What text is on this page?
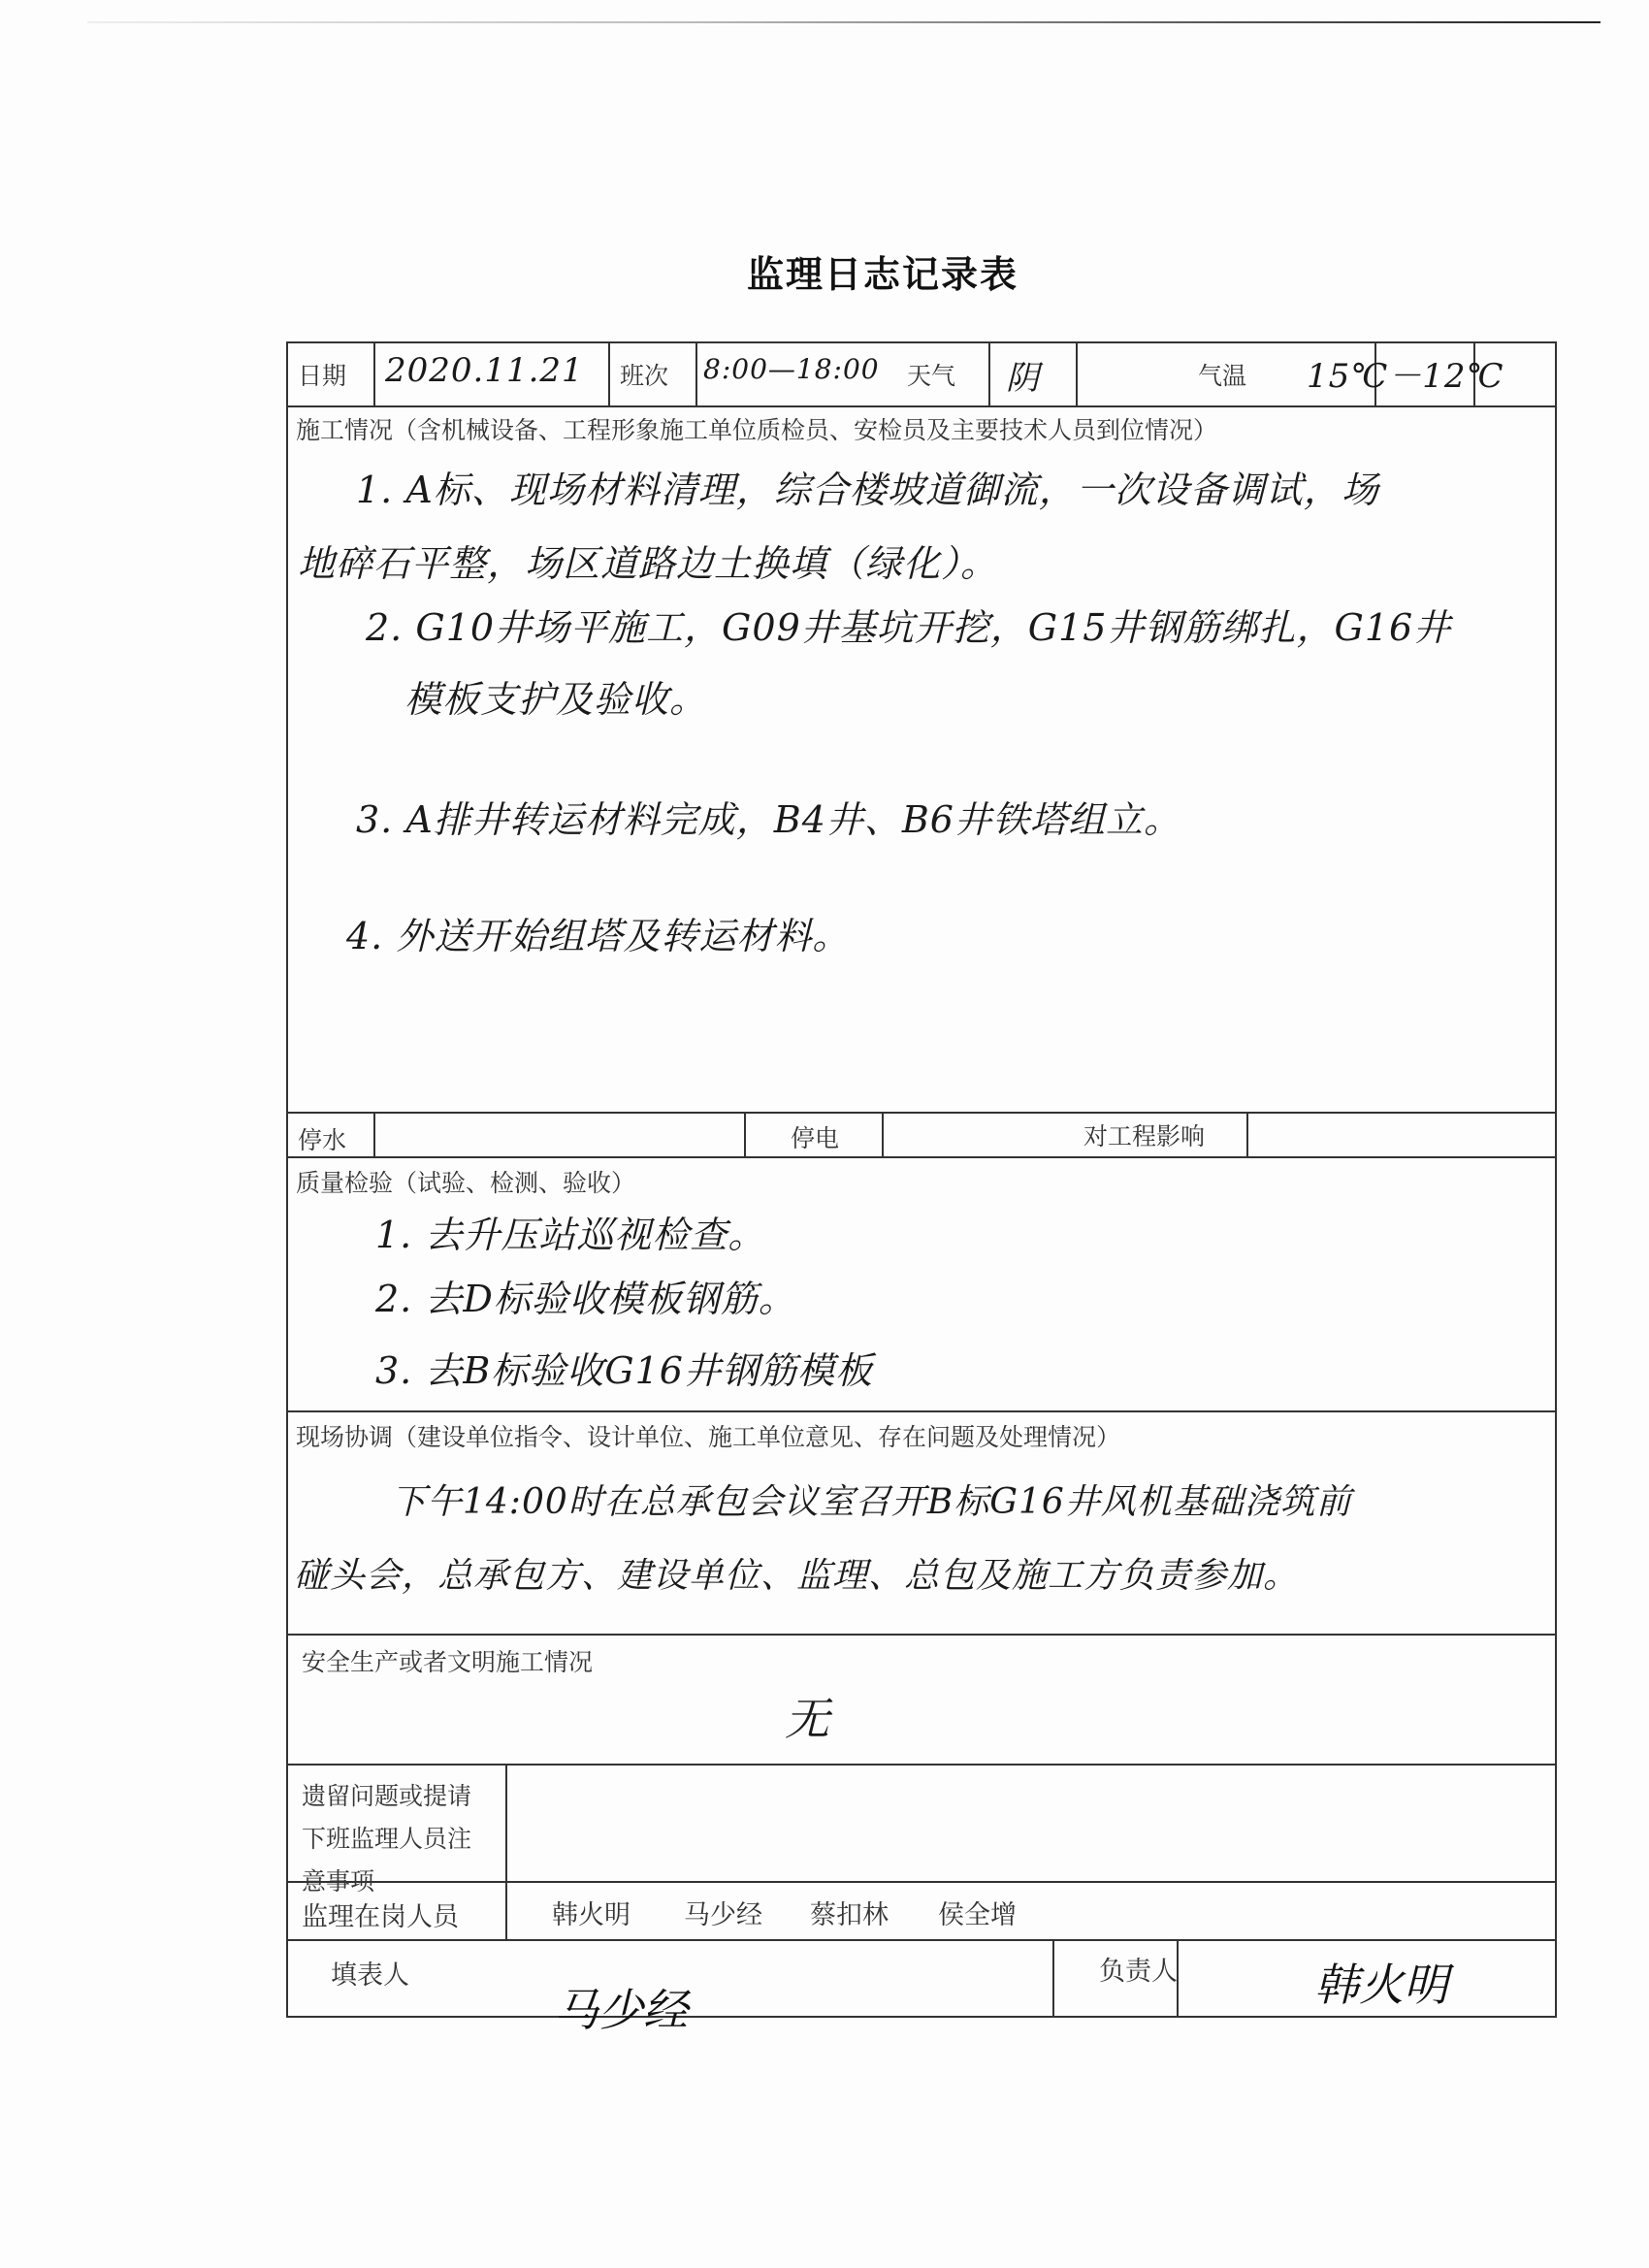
监理日志记录表
日期 2020.11.21 班次 8:00—18:00 天气 阴	气温 15℃－12℃
施工情况（含机械设备、工程形象施工单位质检员、安检员及主要技术人员到位情况）
1. A标、现场材料清理，综合楼坡道御流，一次设备调试，场
地碎石平整，场区道路边土换填（绿化）。
2. G10井场平施工，G09井基坑开挖，G15井钢筋绑扎，G16井
模板支护及验收。
3. A排井转运材料完成，B4井、B6井铁塔组立。
4. 外送开始组塔及转运材料。
停水	停电	对工程影响
质量检验（试验、检测、验收）
1. 去升压站巡视检查。
2. 去D标验收模板钢筋。
3. 去B标验收G16井钢筋模板
现场协调（建设单位指令、设计单位、施工单位意见、存在问题及处理情况）
下午14:00时在总承包会议室召开B标G16井风机基础浇筑前
碰头会，总承包方、建设单位、监理、总包及施工方负责参加。
安全生产或者文明施工情况
无
遗留问题或提请
下班监理人员注
意事项
监理在岗人员	韩火明 马少经 蔡扣林 侯全增
填表人
马少经
负责人	韩火明
